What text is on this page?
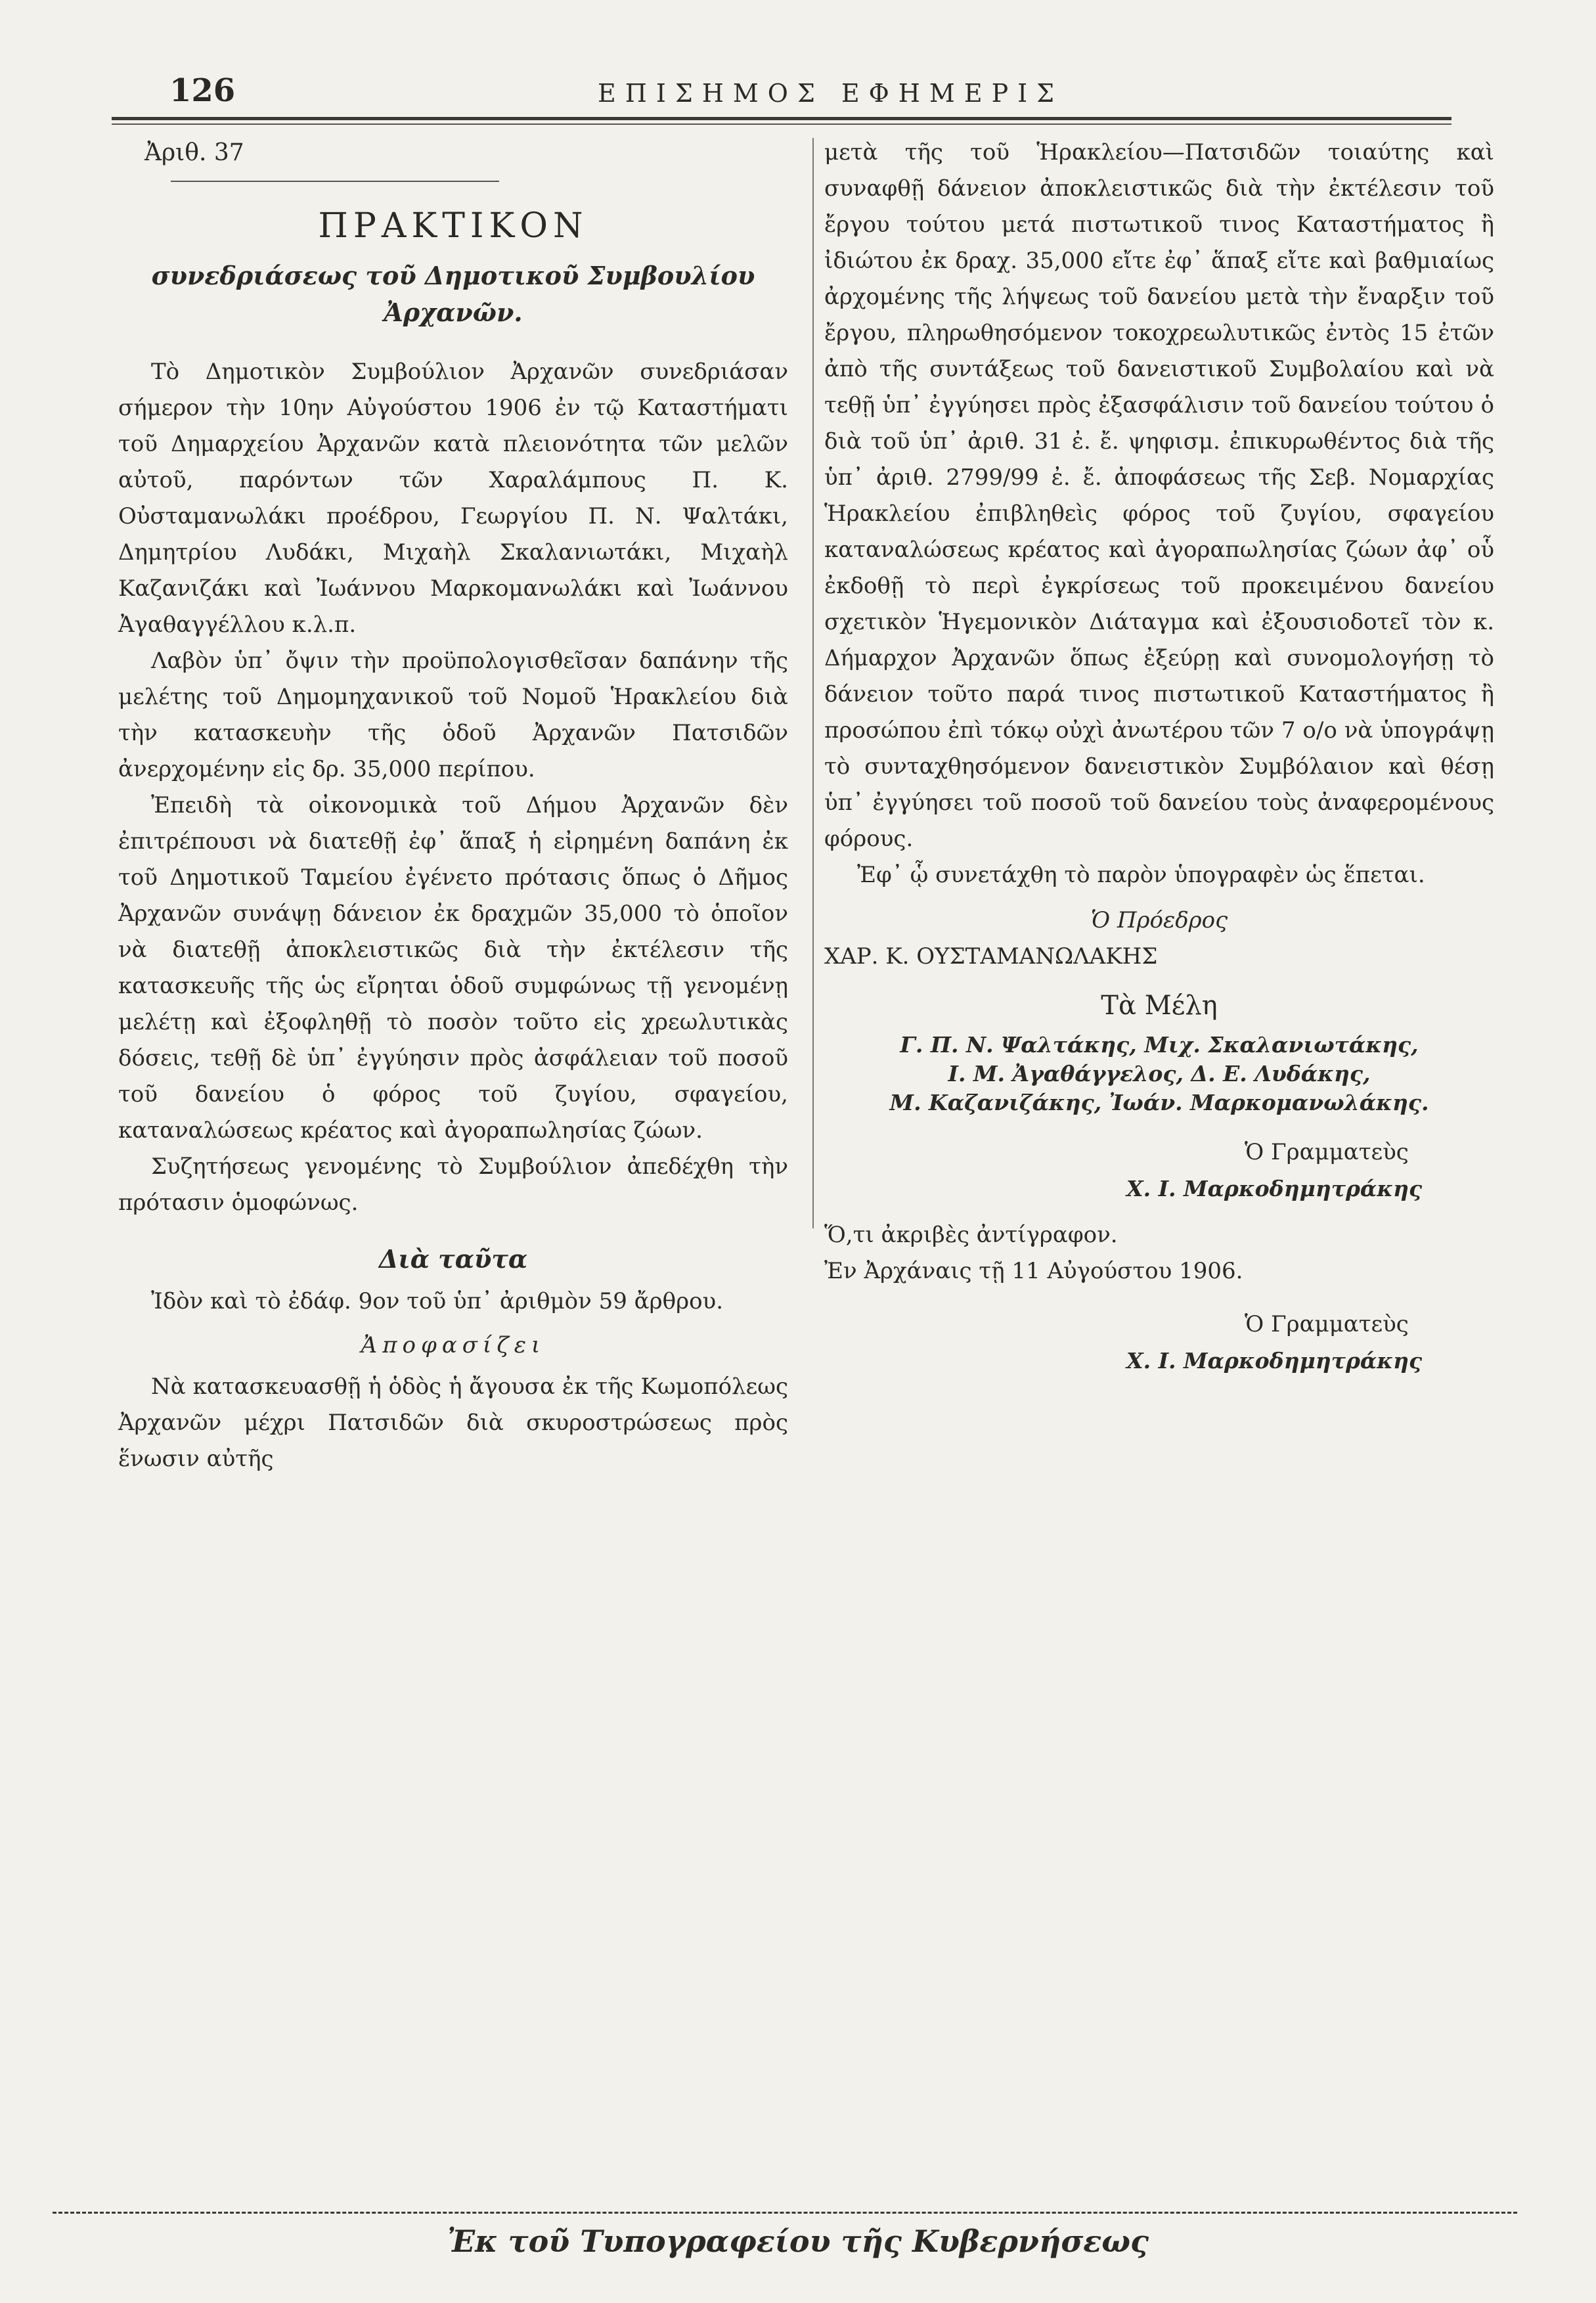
126	ΕΠΙΣΗΜΟΣ ΕΦΗΜΕΡΙΣ
Ἀριθ. 37
ΠΡΑΚΤΙΚΟΝ
συνεδριάσεως τοῦ Δημοτικοῦ Συμβουλίου
Ἀρχανῶν.

Τὸ Δημοτικὸν Συμβούλιον Ἀρχανῶν συνεδριάσαν σήμερον τὴν 10ην Αὐγούστου 1906 ἐν τῷ Καταστήματι τοῦ Δημαρχείου Ἀρχανῶν κατὰ πλειονότητα τῶν μελῶν αὐτοῦ, παρόντων τῶν Χαραλάμπους Π. Κ. Οὐσταμανωλάκι προέδρου, Γεωργίου Π. Ν. Ψαλτάκι, Δημητρίου Λυδάκι, Μιχαὴλ Σκαλανιωτάκι, Μιχαὴλ Καζανιζάκι καὶ Ἰωάννου Μαρκομανωλάκι καὶ Ἰωάννου Ἀγαθαγγέλλου κ.λ.π.

Λαβὸν ὑπ᾿ ὄψιν τὴν προϋπολογισθεῖσαν δαπάνην τῆς μελέτης τοῦ Δημομηχανικοῦ τοῦ Νομοῦ Ἡρακλείου διὰ τὴν κατασκευὴν τῆς ὁδοῦ Ἀρχανῶν Πατσιδῶν ἀνερχομένην εἰς δρ. 35,000 περίπου.

Ἐπειδὴ τὰ οἰκονομικὰ τοῦ Δήμου Ἀρχανῶν δὲν ἐπιτρέπουσι νὰ διατεθῇ ἐφ᾿ ἅπαξ ἡ εἰρημένη δαπάνη ἐκ τοῦ Δημοτικοῦ Ταμείου ἐγένετο πρότασις ὅπως ὁ Δῆμος Ἀρχανῶν συνάψῃ δάνειον ἐκ δραχμῶν 35,000 τὸ ὁποῖον νὰ διατεθῇ ἀποκλειστικῶς διὰ τὴν ἐκτέλεσιν τῆς κατασκευῆς τῆς ὡς εἴρηται ὁδοῦ συμφώνως τῇ γενομένῃ μελέτῃ καὶ ἐξοφληθῇ τὸ ποσὸν τοῦτο εἰς χρεωλυτικὰς δόσεις, τεθῇ δὲ ὑπ᾿ ἐγγύησιν πρὸς ἀσφάλειαν τοῦ ποσοῦ τοῦ δανείου ὁ φόρος τοῦ ζυγίου, σφαγείου, καταναλώσεως κρέατος καὶ ἀγοραπωλησίας ζώων.

Συζητήσεως γενομένης τὸ Συμβούλιον ἀπεδέχθη τὴν πρότασιν ὁμοφώνως.

Διὰ ταῦτα

Ἰδὸν καὶ τὸ ἐδάφ. 9ον τοῦ ὑπ᾿ ἀριθμὸν 59 ἄρθρου.

Ἀποφασίζει

Νὰ κατασκευασθῇ ἡ ὁδὸς ἡ ἄγουσα ἐκ τῆς Κωμοπόλεως Ἀρχανῶν μέχρι Πατσιδῶν διὰ σκυροστρώσεως πρὸς ἕνωσιν αὐτῆς

μετὰ τῆς τοῦ Ἡρακλείου—Πατσιδῶν τοιαύτης καὶ συναφθῇ δάνειον ἀποκλειστικῶς διὰ τὴν ἐκτέλεσιν τοῦ ἔργου τούτου μετά πιστωτικοῦ τινος Καταστήματος ἢ ἰδιώτου ἐκ δραχ. 35,000 εἴτε ἐφ᾿ ἅπαξ εἴτε καὶ βαθμιαίως ἀρχομένης τῆς λήψεως τοῦ δανείου μετὰ τὴν ἔναρξιν τοῦ ἔργου, πληρωθησόμενον τοκοχρεωλυτικῶς ἐντὸς 15 ἐτῶν ἀπὸ τῆς συντάξεως τοῦ δανειστικοῦ Συμβολαίου καὶ νὰ τεθῇ ὑπ᾿ ἐγγύησει πρὸς ἐξασφάλισιν τοῦ δανείου τούτου ὁ διὰ τοῦ ὑπ᾿ ἀριθ. 31 ἐ. ἔ. ψηφισμ. ἐπικυρωθέντος διὰ τῆς ὑπ᾿ ἀριθ. 2799/99 ἐ. ἔ. ἀποφάσεως τῆς Σεβ. Νομαρχίας Ἡρακλείου ἐπιβληθεὶς φόρος τοῦ ζυγίου, σφαγείου καταναλώσεως κρέατος καὶ ἀγοραπωλησίας ζώων ἀφ᾿ οὗ ἐκδοθῇ τὸ περὶ ἐγκρίσεως τοῦ προκειμένου δανείου σχετικὸν Ἡγεμονικὸν Διάταγμα καὶ ἐξουσιοδοτεῖ τὸν κ. Δήμαρχον Ἀρχανῶν ὅπως ἐξεύρῃ καὶ συνομολογήσῃ τὸ δάνειον τοῦτο παρά τινος πιστωτικοῦ Καταστήματος ἢ προσώπου ἐπὶ τόκῳ οὐχὶ ἀνωτέρου τῶν 7 ο/ο νὰ ὑπογράψῃ τὸ συνταχθησόμενον δανειστικὸν Συμβόλαιον καὶ θέσῃ ὑπ᾿ ἐγγύησει τοῦ ποσοῦ τοῦ δανείου τοὺς ἀναφερομένους φόρους.

Ἐφ᾿ ᾧ συνετάχθη τὸ παρὸν ὑπογραφὲν ὡς ἕπεται.

Ὁ Πρόεδρος
ΧΑΡ. Κ. ΟΥΣΤΑΜΑΝΩΛΑΚΗΣ
Τὰ Μέλη
Γ. Π. Ν. Ψαλτάκης, Μιχ. Σκαλανιωτάκης,
Ι. Μ. Ἀγαθάγγελος, Δ. Ε. Λυδάκης,
Μ. Καζανιζάκης, Ἰωάν. Μαρκομανωλάκης.
Ὁ Γραμματεὺς
Χ. Ι. Μαρκοδημητράκης
Ὅ,τι ἀκριβὲς ἀντίγραφον.
Ἐν Ἀρχάναις τῇ 11 Αὐγούστου 1906.
Ὁ Γραμματεὺς
Χ. Ι. Μαρκοδημητράκης
Ἐκ τοῦ Τυπογραφείου τῆς Κυβερνήσεως
